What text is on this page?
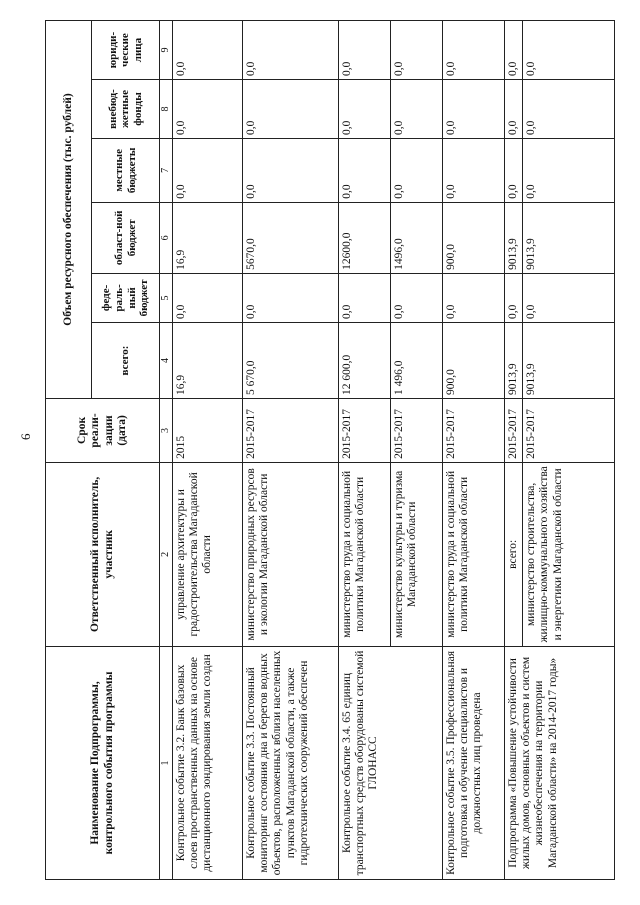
6
Наименование Подпрограммы, контрольного события программы	Ответственный исполнитель, участник	Срок реали-зации (дата)	Объем ресурсного обеспечения (тыс. рублей)					
			всего:	феде-раль-ный бюджет	област-ной бюджет	местные бюджеты	внебюд-жетные фонды	юриди-ческие лица
1	2	3	4	5	6	7	8	9
Контрольное событие 3.2. Банк базовых слоев пространственных данных на основе дистанционного зондирования земли создан	управление архитектуры и градостроительства Магаданской области	2015	16,9	0,0	16,9	0,0	0,0	0,0
Контрольное событие 3.3. Постоянный мониторинг состояния дна и берегов водных объектов, расположенных вблизи населенных пунктов Магаданской области, а также гидротехнических сооружений обеспечен	министерство природных ресурсов и экологии Магаданской области	2015-2017	5 670,0	0,0	5670,0	0,0	0,0	0,0
Контрольное событие 3.4. 65 единиц транспортных средств оборудованы системой ГЛОНАСС	министерство труда и социальной политики Магаданской области	2015-2017	12 600,0	0,0	12600,0	0,0	0,0	0,0
	министерство культуры и туризма Магаданской области	2015-2017	1 496,0	0,0	1496,0	0,0	0,0	0,0
Контрольное событие 3.5. Профессиональная подготовка и обучение специалистов и должностных лиц проведена	министерство труда и социальной политики Магаданской области	2015-2017	900,0	0,0	900,0	0,0	0,0	0,0
Подпрограмма «Повышение устойчивости жилых домов, основных объектов и систем жизнеобеспечения на территории Магаданской области» на 2014-2017 годы»	всего:	2015-2017	9013,9	0,0	9013,9	0,0	0,0	0,0
	министерство строительства, жилищно-коммунального хозяйства и энергетики Магаданской области	2015-2017	9013,9	0,0	9013,9	0,0	0,0	0,0
